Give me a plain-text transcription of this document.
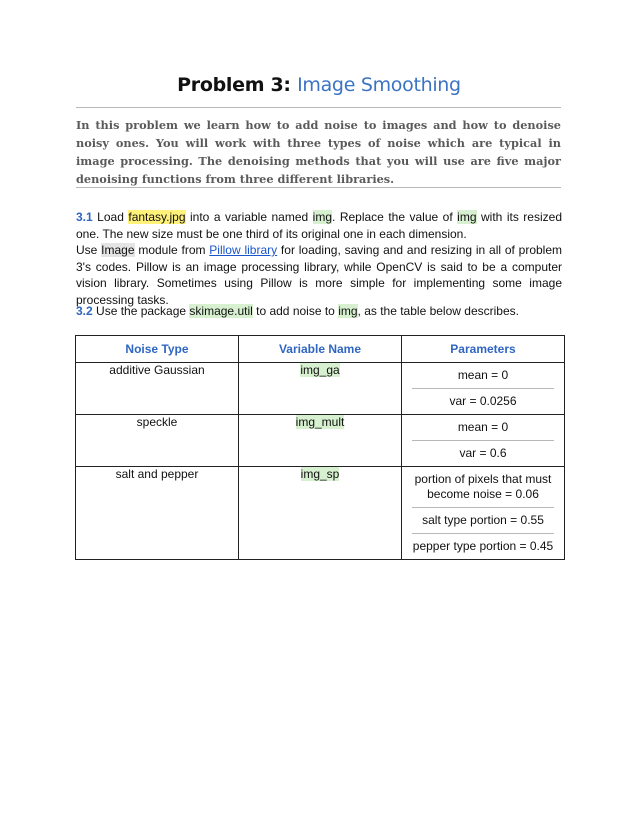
Problem 3: Image Smoothing
In this problem we learn how to add noise to images and how to denoise noisy ones. You will work with three types of noise which are typical in image processing. The denoising methods that you will use are five major denoising functions from three different libraries.
3.1 Load fantasy.jpg into a variable named img. Replace the value of img with its resized one. The new size must be one third of its original one in each dimension.
Use Image module from Pillow library for loading, saving and and resizing in all of problem 3's codes. Pillow is an image processing library, while OpenCV is said to be a computer vision library. Sometimes using Pillow is more simple for implementing some image processing tasks.
3.2 Use the package skimage.util to add noise to img, as the table below describes.
Noise Type	Variable Name	Parameters
additive Gaussian	img_ga	mean = 0
var = 0.0256

speckle	img_mult	mean = 0
var = 0.6

salt and pepper	img_sp	portion of pixels that must become noise = 0.06
salt type portion = 0.55
pepper type portion = 0.45
